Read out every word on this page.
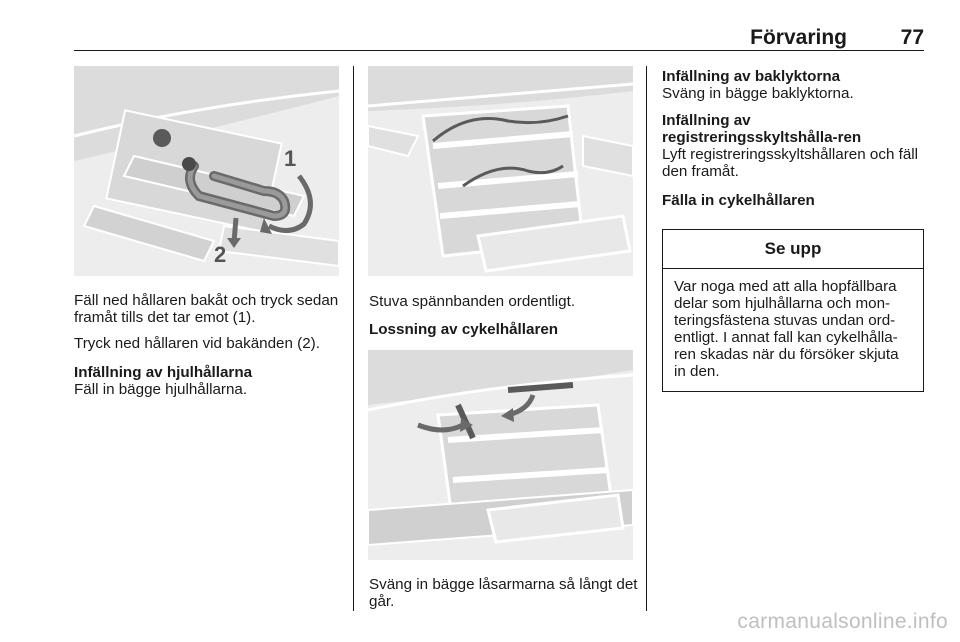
Förvaring	77
1
2

Fäll ned hållaren bakåt och tryck sedan framåt tills det tar emot (1).

Tryck ned hållaren vid bakänden (2).

Infällning av hjulhållarna

Fäll in bägge hjulhållarna.

Stuva spännbanden ordentligt.

Lossning av cykelhållaren

Sväng in bägge låsarmarna så långt det går.

Infällning av baklyktorna

Sväng in bägge baklyktorna.

Infällning av registreringsskyltshålla-ren

Lyft registreringsskyltshållaren och fäll den framåt.

Fälla in cykelhållaren

Se upp
Var noga med att alla hopfällbara delar som hjulhållarna och mon-teringsfästena stuvas undan ord-entligt. I annat fall kan cykelhålla-ren skadas när du försöker skjuta in den.
carmanualsonline.info
